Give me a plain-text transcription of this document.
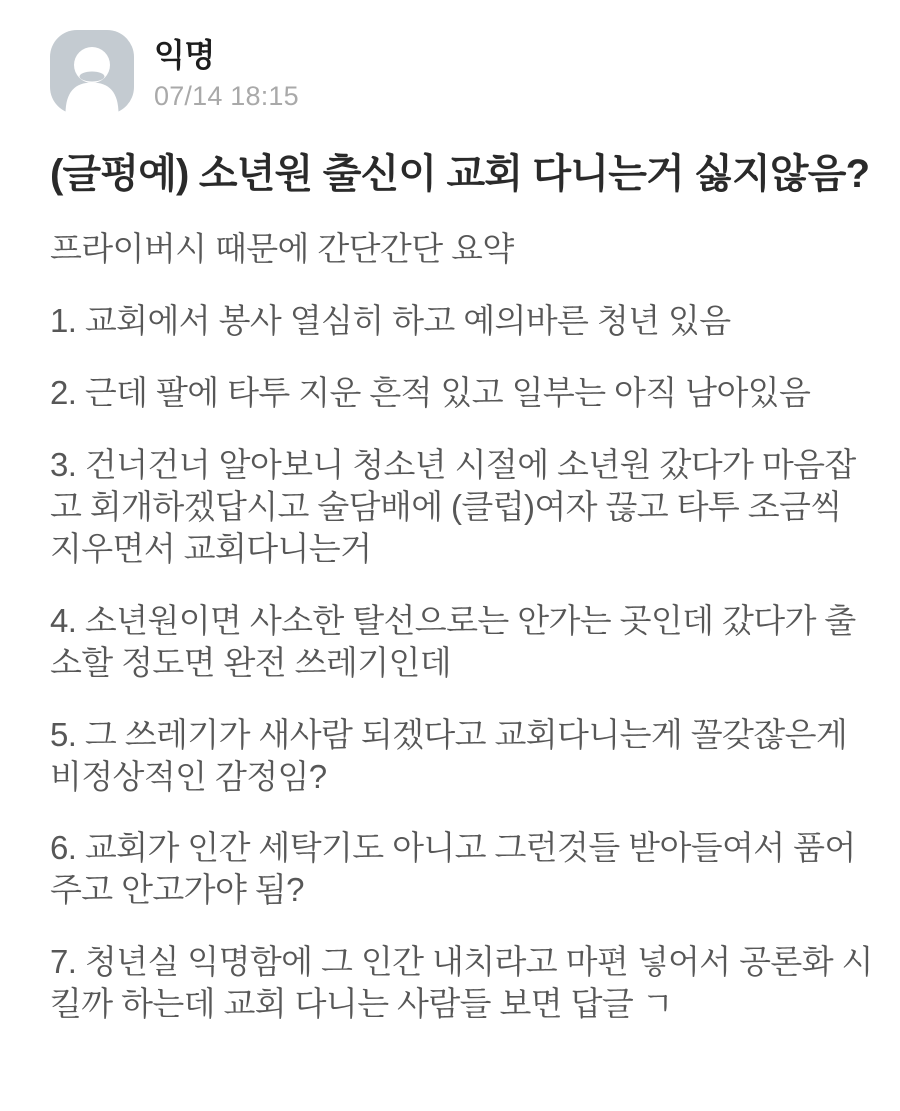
익명
07/14 18:15
(글펑예) 소년원 출신이 교회 다니는거 싫지않음?

프라이버시 때문에 간단간단 요약

1. 교회에서 봉사 열심히 하고 예의바른 청년 있음

2. 근데 팔에 타투 지운 흔적 있고 일부는 아직 남아있음

3. 건너건너 알아보니 청소년 시절에 소년원 갔다가 마음잡고 회개하겠답시고 술담배에 (클럽)여자 끊고 타투 조금씩 지우면서 교회다니는거

4. 소년원이면 사소한 탈선으로는 안가는 곳인데 갔다가 출소할 정도면 완전 쓰레기인데

5. 그 쓰레기가 새사람 되겠다고 교회다니는게 꼴갖잖은게 비정상적인 감정임?

6. 교회가 인간 세탁기도 아니고 그런것들 받아들여서 품어주고 안고가야 됨?

7. 청년실 익명함에 그 인간 내치라고 마편 넣어서 공론화 시킬까 하는데 교회 다니는 사람들 보면 답글 ㄱ
